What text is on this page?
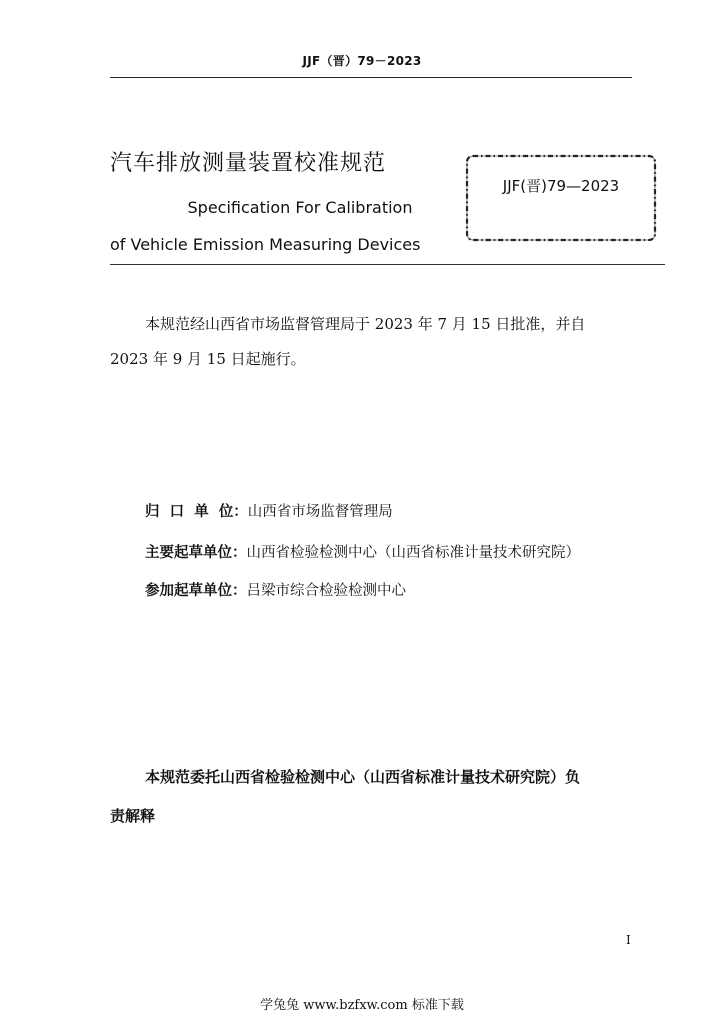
JJF（晋）79－2023
汽车排放测量装置校准规范
Specification For Calibration
of Vehicle Emission Measuring Devices
JJF(晋)79—2023
本规范经山西省市场监督管理局于 2023 年 7 月 15 日批准，并自
2023 年 9 月 15 日起施行。
归  口  单  位：山西省市场监督管理局
主要起草单位：山西省检验检测中心（山西省标准计量技术研究院）
参加起草单位：吕梁市综合检验检测中心
本规范委托山西省检验检测中心（山西省标准计量技术研究院）负
责解释
I
学兔兔 www.bzfxw.com 标准下载
